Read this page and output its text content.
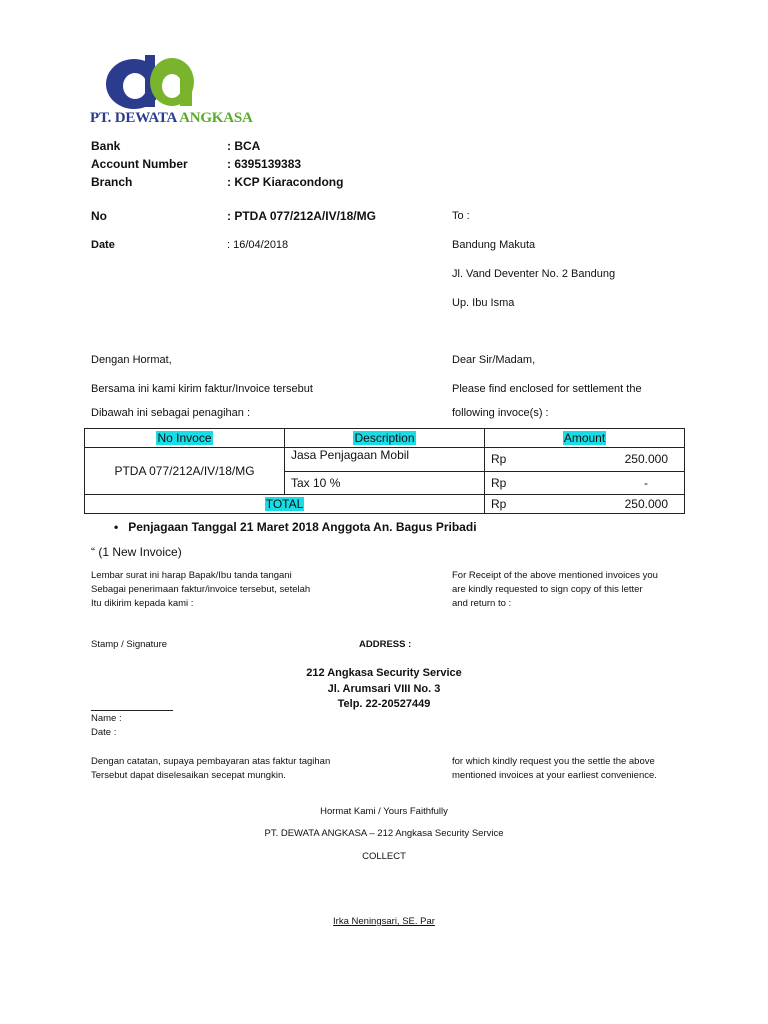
PT. DEWATA ANGKASA
Bank	: BCA
Account Number	: 6395139383
Branch	: KCP Kiaracondong
No	: PTDA 077/212A/IV/18/MG
Date	: 16/04/2018
To :
Bandung Makuta
Jl. Vand Deventer No. 2 Bandung
Up. Ibu Isma
Dengan Hormat,
Bersama ini kami kirim faktur/Invoice tersebut
Dibawah ini sebagai penagihan :
Dear Sir/Madam,
Please find enclosed for settlement the
following invoce(s) :
No Invoce	Description	Amount
PTDA 077/212A/IV/18/MG	Jasa Penjagaan Mobil	Rp 250.000

	Tax 10 %	Rp -

TOTAL		Rp 250.000
• Penjagaan Tanggal 21 Maret 2018 Anggota An. Bagus Pribadi
“ (1 New Invoice)
Lembar surat ini harap Bapak/Ibu tanda tangani
Sebagai penerimaan faktur/invoice tersebut, setelah
Itu dikirim kepada kami :
For Receipt of the above mentioned invoices you
are kindly requested to sign copy of this letter
and return to :
Stamp / Signature	ADDRESS :
212 Angkasa Security Service
Jl. Arumsari VIII No. 3
Telp. 22-20527449
Name :
Date :
Dengan catatan, supaya pembayaran atas faktur tagihan
Tersebut dapat diselesaikan secepat mungkin.
for which kindly request you the settle the above
mentioned invoices at your earliest convenience.
Hormat Kami / Yours Faithfully
PT. DEWATA ANGKASA – 212 Angkasa Security Service
COLLECT
Irka Neningsari, SE. Par
